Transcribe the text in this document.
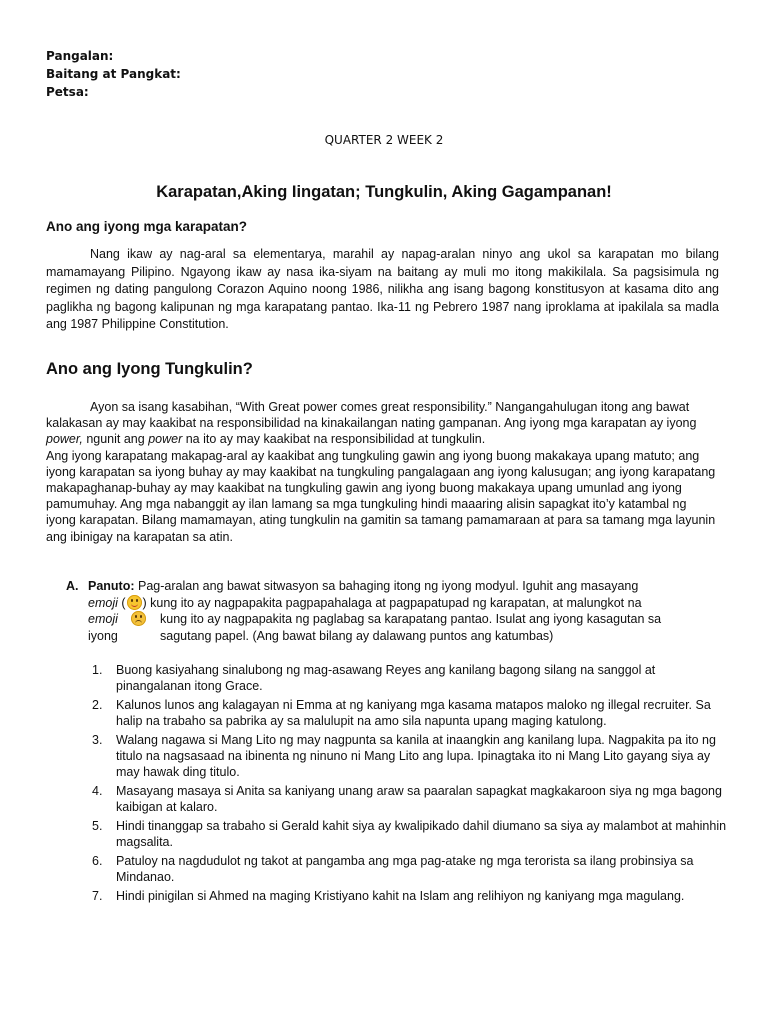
Pangalan:
Baitang at Pangkat:
Petsa:
QUARTER 2 WEEK 2
Karapatan,Aking Iingatan; Tungkulin, Aking Gagampanan!
Ano ang iyong mga karapatan?
Nang ikaw ay nag-aral sa elementarya, marahil ay napag-aralan ninyo ang ukol sa karapatan mo bilang mamamayang Pilipino. Ngayong ikaw ay nasa ika-siyam na baitang ay muli mo itong makikilala. Sa pagsisimula ng regimen ng dating pangulong Corazon Aquino noong 1986, nilikha ang isang bagong konstitusyon at kasama dito ang paglikha ng bagong kalipunan ng mga karapatang pantao. Ika-11 ng Pebrero 1987 nang iproklama at ipakilala sa madla ang 1987 Philippine Constitution.
Ano ang Iyong Tungkulin?
Ayon sa isang kasabihan, “With Great power comes great responsibility.” Nangangahulugan itong ang bawat kalakasan ay may kaakibat na responsibilidad na kinakailangan nating gampanan. Ang iyong mga karapatan ay iyong power, ngunit ang power na ito ay may kaakibat na responsibilidad at tungkulin.
Ang iyong karapatang makapag-aral ay kaakibat ang tungkuling gawin ang iyong buong makakaya upang matuto; ang iyong karapatan sa iyong buhay ay may kaakibat na tungkuling pangalagaan ang iyong kalusugan; ang iyong karapatang makapaghanap-buhay ay may kaakibat na tungkuling gawin ang iyong buong makakaya upang umunlad ang iyong pamumuhay. Ang mga nabanggit ay ilan lamang sa mga tungkuling hindi maaaring alisin sapagkat ito’y katambal ng iyong karapatan. Bilang mamamayan, ating tungkulin na gamitin sa tamang pamamaraan at para sa tamang mga layunin ang ibinigay na karapatan sa atin.
A. Panuto: Pag-aralan ang bawat sitwasyon sa bahaging itong ng iyong modyul. Iguhit ang masayang
emoji ( ) kung ito ay nagpapakita pagpapahalaga at pagpapatupad ng karapatan, at malungkot na
emoji	kung ito ay nagpapakita ng paglabag sa karapatang pantao. Isulat ang iyong kasagutan sa
iyong	sagutang papel. (Ang bawat bilang ay dalawang puntos ang katumbas)
1. Buong kasiyahang sinalubong ng mag-asawang Reyes ang kanilang bagong silang na sanggol at pinangalanan itong Grace.
2. Kalunos lunos ang kalagayan ni Emma at ng kaniyang mga kasama matapos maloko ng illegal recruiter. Sa halip na trabaho sa pabrika ay sa malulupit na amo sila napunta upang maging katulong.
3. Walang nagawa si Mang Lito ng may nagpunta sa kanila at inaangkin ang kanilang lupa. Nagpakita pa ito ng titulo na nagsasaad na ibinenta ng ninuno ni Mang Lito ang lupa. Ipinagtaka ito ni Mang Lito gayang siya ay may hawak ding titulo.
4. Masayang masaya si Anita sa kaniyang unang araw sa paaralan sapagkat magkakaroon siya ng mga bagong kaibigan at kalaro.
5. Hindi tinanggap sa trabaho si Gerald kahit siya ay kwalipikado dahil diumano sa siya ay malambot at mahinhin magsalita.
6. Patuloy na nagdudulot ng takot at pangamba ang mga pag-atake ng mga terorista sa ilang probinsiya sa Mindanao.
7. Hindi pinigilan si Ahmed na maging Kristiyano kahit na Islam ang relihiyon ng kaniyang mga magulang.
